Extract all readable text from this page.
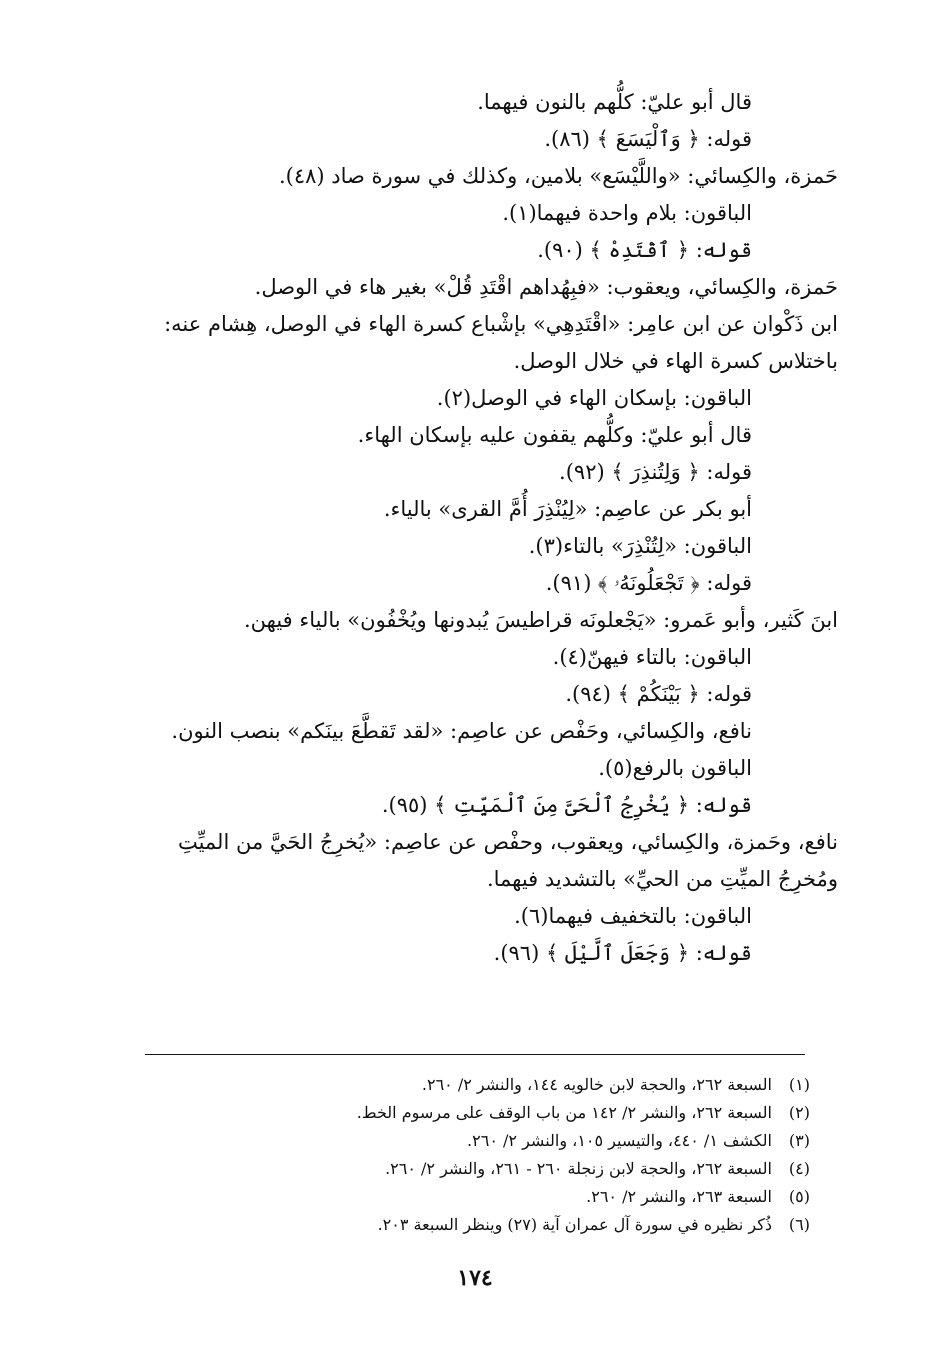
قال أبو عليّ: كلُّهم بالنون فيهما.
قوله: ﴿ وَٱلْيَسَعَ ﴾ (٨٦).
حَمزة، والكِسائي: «واللَّيْسَع» بلامين، وكذلك في سورة صاد (٤٨).
الباقون: بلام واحدة فيهما(١).
قوله: ﴿ ٱقْتَدِهْ ﴾ (٩٠).
حَمزة، والكِسائي، ويعقوب: «فبِهُداهم اقْتَدِ قُلْ» بغير هاء في الوصل.
ابن ذَكْوان عن ابن عامِر: «اقْتَدِهِي» بإشْباع كسرة الهاء في الوصل، هِشام عنه:
باختلاس كسرة الهاء في خلال الوصل.
الباقون: بإسكان الهاء في الوصل(٢).
قال أبو عليّ: وكلُّهم يقفون عليه بإسكان الهاء.
قوله: ﴿ وَلِتُنذِرَ ﴾ (٩٢).
أبو بكر عن عاصِم: «لِيُنْذِرَ أُمَّ القرى» بالياء.
الباقون: «لِتُنْذِرَ» بالتاء(٣).
قوله: ﴿ تَجْعَلُونَهُۥ ﴾ (٩١).
ابنَ كَثير، وأبو عَمرو: «يَجْعلونَه قراطيسَ يُبدونها ويُخْفُون» بالياء فيهن.
الباقون: بالتاء فيهنّ(٤).
قوله: ﴿ بَيْنَكُمْ ﴾ (٩٤).
نافع، والكِسائي، وحَفْص عن عاصِم: «لقد تَقطَّعَ بينَكم» بنصب النون.
الباقون بالرفع(٥).
قوله: ﴿ يُخْرِجُ ٱلْحَىَّ مِنَ ٱلْمَيِّتِ ﴾ (٩٥).
نافع، وحَمزة، والكِسائي، ويعقوب، وحفْص عن عاصِم: «يُخرِجُ الحَيَّ من الميِّتِ
ومُخرِجُ الميِّتِ من الحيِّ» بالتشديد فيهما.
الباقون: بالتخفيف فيهما(٦).
قوله: ﴿ وَجَعَلَ ٱلَّيْلَ ﴾ (٩٦).
(١)السبعة ٢٦٢، والحجة لابن خالويه ١٤٤، والنشر ٢/ ٢٦٠.
(٢)السبعة ٢٦٢، والنشر ٢/ ١٤٢ من باب الوقف على مرسوم الخط.
(٣)الكشف ١/ ٤٤٠، والتيسير ١٠٥، والنشر ٢/ ٢٦٠.
(٤)السبعة ٢٦٢، والحجة لابن زنجلة ٢٦٠ - ٢٦١، والنشر ٢/ ٢٦٠.
(٥)السبعة ٢٦٣، والنشر ٢/ ٢٦٠.
(٦)ذُكر نظيره في سورة آل عمران آية (٢٧) وينظر السبعة ٢٠٣.
١٧٤
